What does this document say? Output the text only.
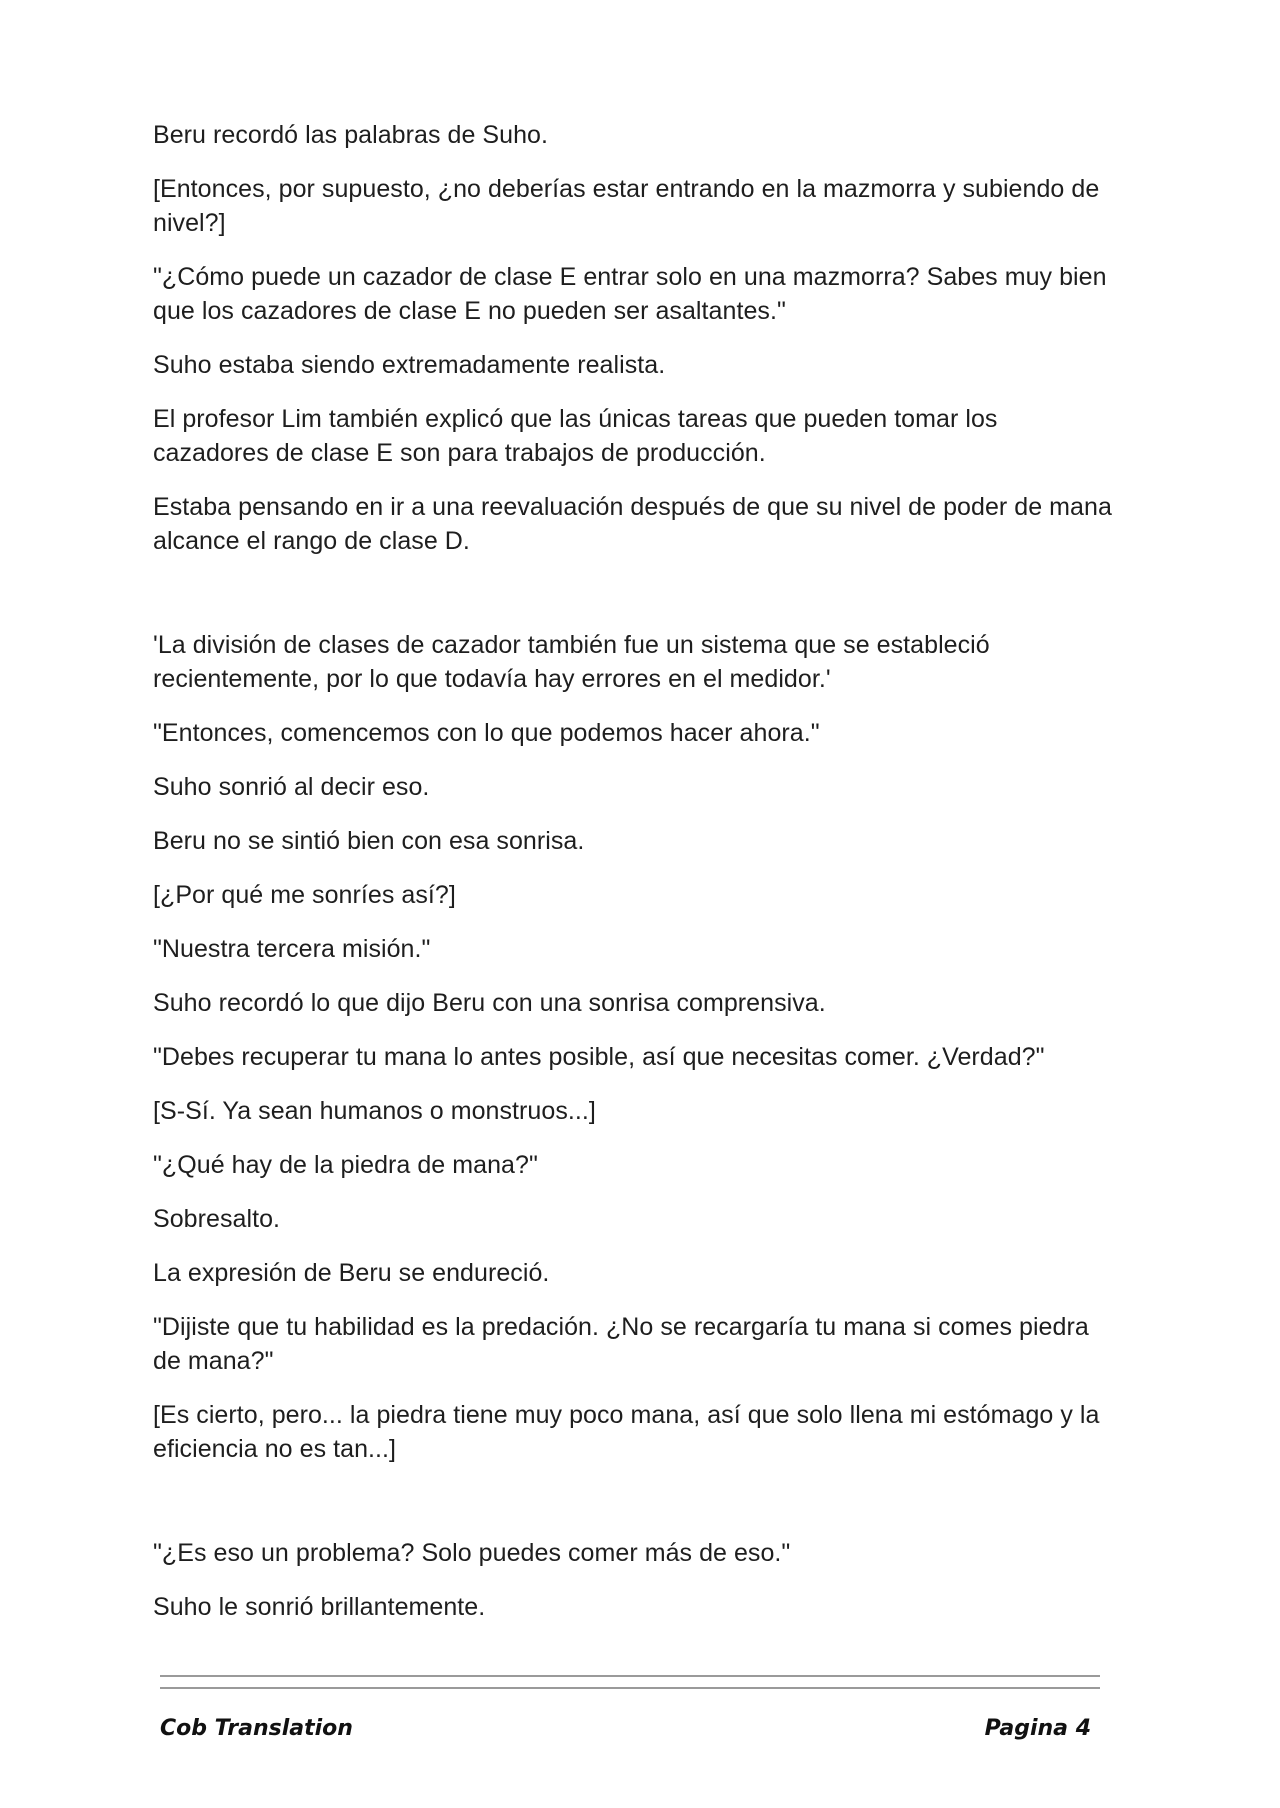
Beru recordó las palabras de Suho.

[Entonces, por supuesto, ¿no deberías estar entrando en la mazmorra y subiendo de nivel?]

"¿Cómo puede un cazador de clase E entrar solo en una mazmorra? Sabes muy bien que los cazadores de clase E no pueden ser asaltantes."

Suho estaba siendo extremadamente realista.

El profesor Lim también explicó que las únicas tareas que pueden tomar los cazadores de clase E son para trabajos de producción.

Estaba pensando en ir a una reevaluación después de que su nivel de poder de mana alcance el rango de clase D.

'La división de clases de cazador también fue un sistema que se estableció recientemente, por lo que todavía hay errores en el medidor.'

"Entonces, comencemos con lo que podemos hacer ahora."

Suho sonrió al decir eso.

Beru no se sintió bien con esa sonrisa.

[¿Por qué me sonríes así?]

"Nuestra tercera misión."

Suho recordó lo que dijo Beru con una sonrisa comprensiva.

"Debes recuperar tu mana lo antes posible, así que necesitas comer. ¿Verdad?"

[S-Sí. Ya sean humanos o monstruos...]

"¿Qué hay de la piedra de mana?"

Sobresalto.

La expresión de Beru se endureció.

"Dijiste que tu habilidad es la predación. ¿No se recargaría tu mana si comes piedra de mana?"

[Es cierto, pero... la piedra tiene muy poco mana, así que solo llena mi estómago y la eficiencia no es tan...]

"¿Es eso un problema? Solo puedes comer más de eso."

Suho le sonrió brillantemente.

Cob Translation	Pagina 4
